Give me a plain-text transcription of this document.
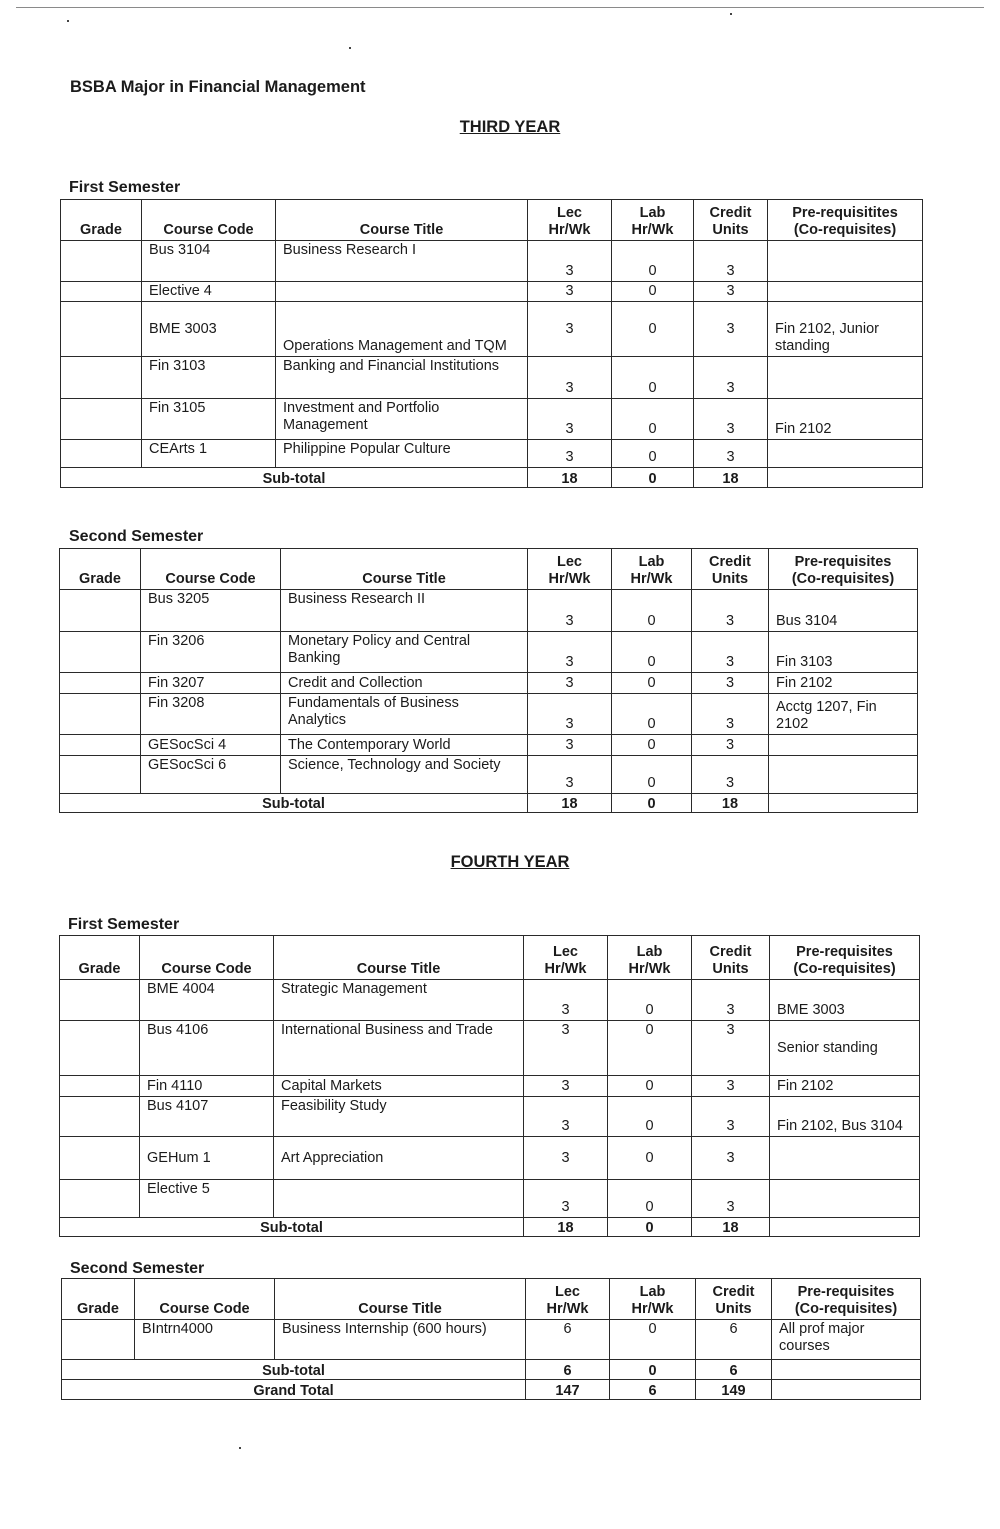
BSBA Major in Financial Management
THIRD YEAR
First Semester
Grade	Course Code	Course Title	Lec
Hr/Wk	Lab
Hr/Wk	Credit
Units	Pre-requisitites
(Co-requisites)
	Bus 3104	Business Research I	3	0	3	
	Elective 4		3	0	3	
	BME 3003	Operations Management and TQM	3	0	3	Fin 2102, Junior standing
	Fin 3103	Banking and Financial Institutions	3	0	3	
	Fin 3105	Investment and Portfolio Management	3	0	3	Fin 2102
	CEArts 1	Philippine Popular Culture	3	0	3	
Sub-total			18	0	18	
Second Semester
Grade	Course Code	Course Title	Lec
Hr/Wk	Lab
Hr/Wk	Credit
Units	Pre-requisites
(Co-requisites)
	Bus 3205	Business Research II	3	0	3	Bus 3104
	Fin 3206	Monetary Policy and Central Banking	3	0	3	Fin 3103
	Fin 3207	Credit and Collection	3	0	3	Fin 2102
	Fin 3208	Fundamentals of Business Analytics	3	0	3	Acctg 1207, Fin 2102
	GESocSci 4	The Contemporary World	3	0	3	
	GESocSci 6	Science, Technology and Society	3	0	3	
Sub-total			18	0	18	
FOURTH YEAR
First Semester
Grade	Course Code	Course Title	Lec
Hr/Wk	Lab
Hr/Wk	Credit
Units	Pre-requisites
(Co-requisites)
	BME 4004	Strategic Management	3	0	3	BME 3003
	Bus 4106	International Business and Trade	3	0	3	Senior standing
	Fin 4110	Capital Markets	3	0	3	Fin 2102
	Bus 4107	Feasibility Study	3	0	3	Fin 2102, Bus 3104
	GEHum 1	Art Appreciation	3	0	3	
	Elective 5		3	0	3	
Sub-total			18	0	18	
Second Semester
Grade	Course Code	Course Title	Lec
Hr/Wk	Lab
Hr/Wk	Credit
Units	Pre-requisites
(Co-requisites)
	BIntrn4000	Business Internship (600 hours)	6	0	6	All prof major courses
Sub-total			6	0	6	
Grand Total			147	6	149	
